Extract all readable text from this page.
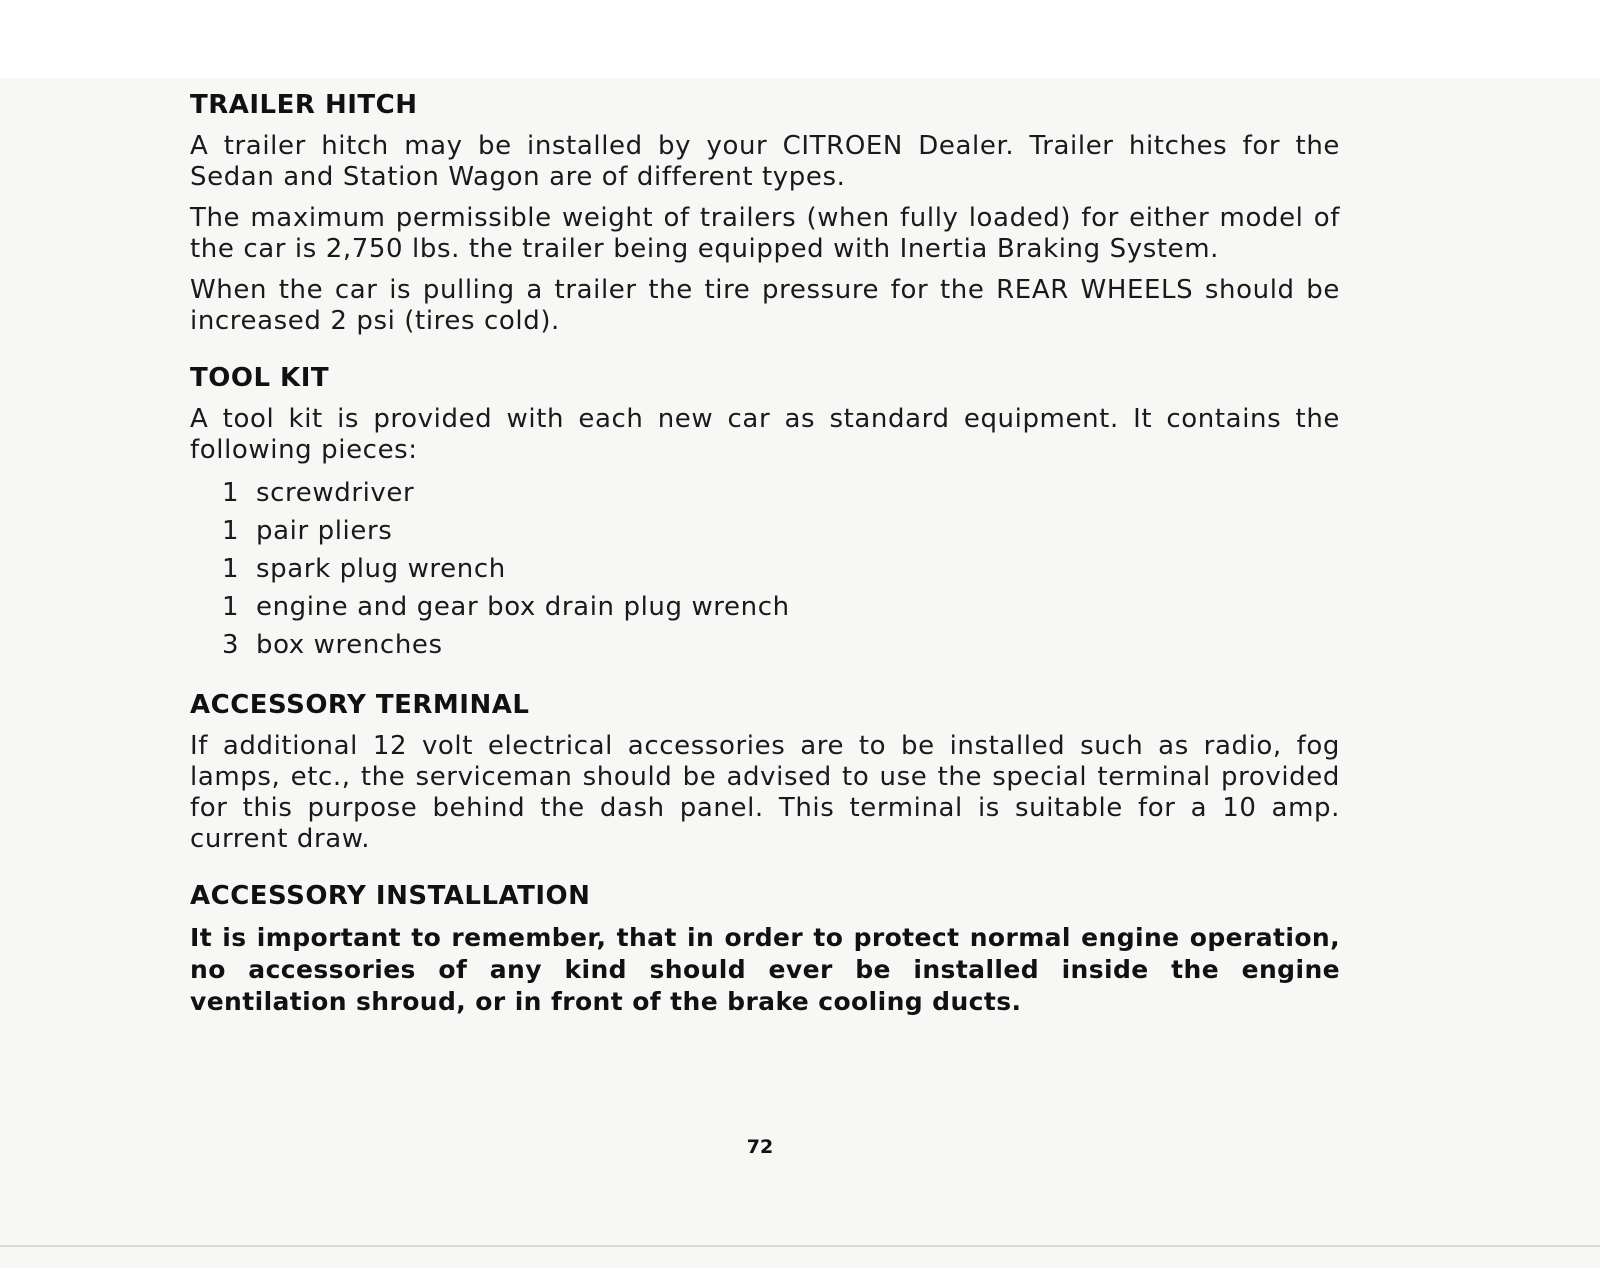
TRAILER HITCH

A trailer hitch may be installed by your CITROEN Dealer. Trailer hitches for the Sedan and Station Wagon are of different types.

The maximum permissible weight of trailers (when fully loaded) for either model of the car is 2,750 lbs. the trailer being equipped with Inertia Braking System.

When the car is pulling a trailer the tire pressure for the REAR WHEELS should be increased 2 psi (tires cold).

TOOL KIT

A tool kit is provided with each new car as standard equipment. It contains the following pieces:

1 screwdriver
1 pair pliers
1 spark plug wrench
1 engine and gear box drain plug wrench
3 box wrenches
ACCESSORY TERMINAL

If additional 12 volt electrical accessories are to be installed such as radio, fog lamps, etc., the serviceman should be advised to use the special terminal provided for this purpose behind the dash panel. This terminal is suitable for a 10 amp. current draw.

ACCESSORY INSTALLATION

It is important to remember, that in order to protect normal engine operation, no accessories of any kind should ever be installed inside the engine ventilation shroud, or in front of the brake cooling ducts.

72
